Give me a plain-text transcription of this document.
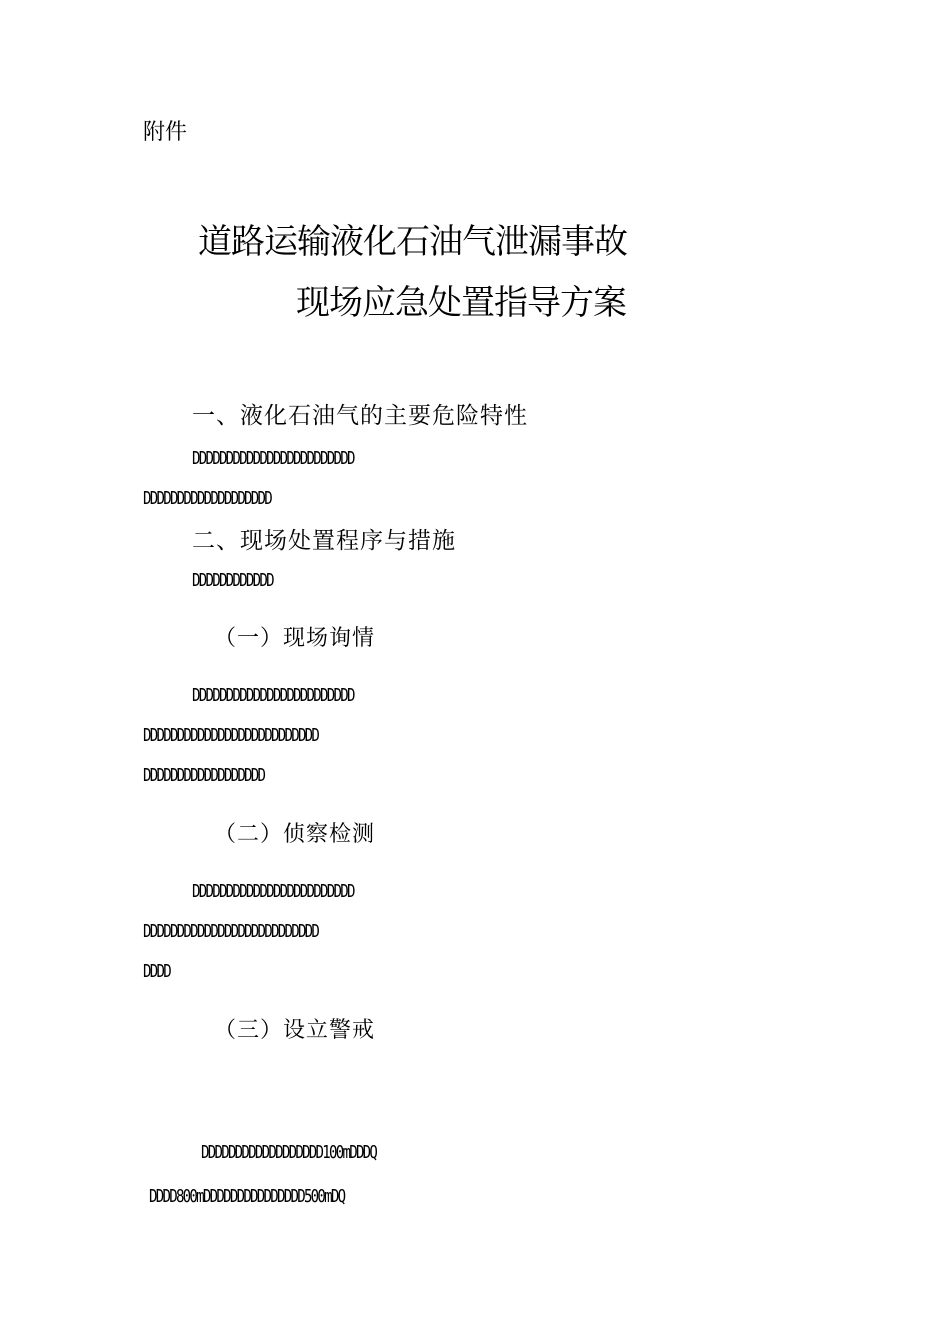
附件
道路运输液化石油气泄漏事故
现场应急处置指导方案
一、液化石油气的主要危险特性
DDDDDDDDDDDDDDDDDDDDDDDD
DDDDDDDDDDDDDDDDDDD
二、现场处置程序与措施
DDDDDDDDDDDD
（一）现场询情
DDDDDDDDDDDDDDDDDDDDDDDD
DDDDDDDDDDDDDDDDDDDDDDDDDD
DDDDDDDDDDDDDDDDDD
（二）侦察检测
DDDDDDDDDDDDDDDDDDDDDDDD
DDDDDDDDDDDDDDDDDDDDDDDDDD
DDDD
（三）设立警戒
DDDDDDDDDDDDDDDDDD100mDDDQ
DDDD800mDDDDDDDDDDDDDDD500mDQ
